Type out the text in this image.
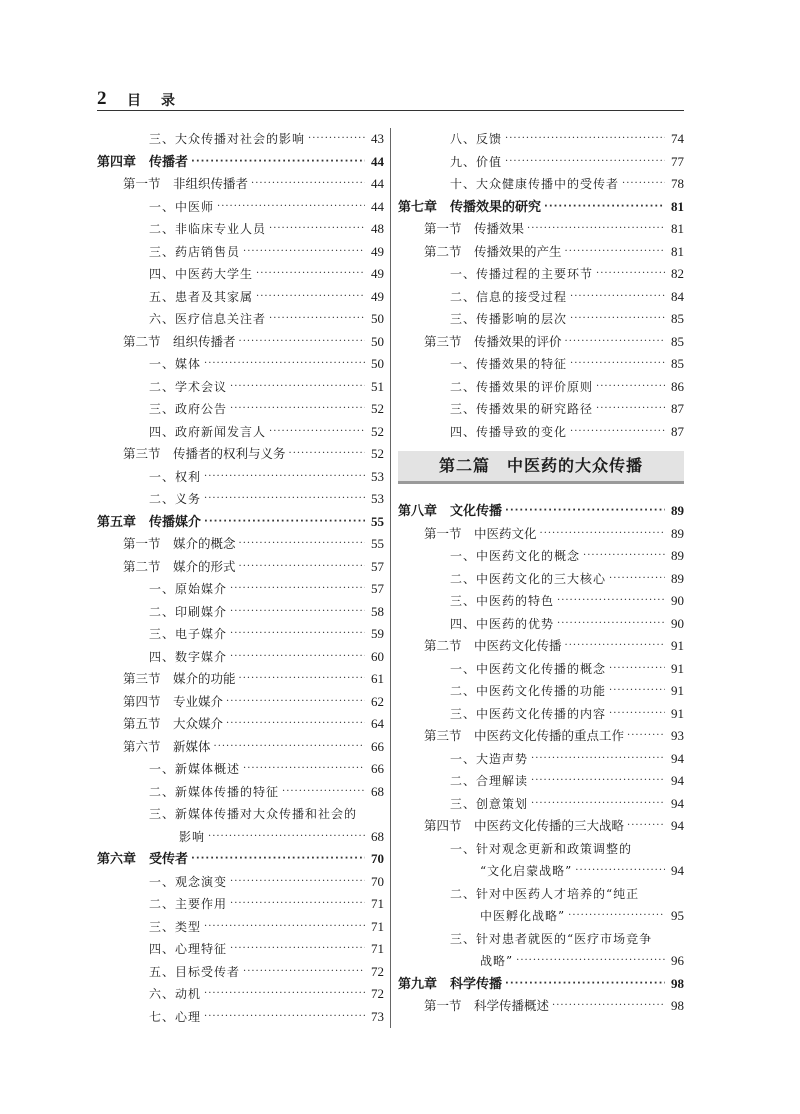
2 目录
三、大众传播对社会的影响 ·····	43
第四章　传播者 ·····	44
第一节　非组织传播者 ·····	44
一、中医师 ·····	44
二、非临床专业人员 ·····	48
三、药店销售员 ·····	49
四、中医药大学生 ·····	49
五、患者及其家属 ·····	49
六、医疗信息关注者 ·····	50
第二节　组织传播者 ·····	50
一、媒体 ·····	50
二、学术会议 ·····	51
三、政府公告 ·····	52
四、政府新闻发言人 ·····	52
第三节　传播者的权利与义务 ·····	52
一、权利 ·····	53
二、义务 ·····	53
第五章　传播媒介 ·····	55
第一节　媒介的概念 ·····	55
第二节　媒介的形式 ·····	57
一、原始媒介 ·····	57
二、印刷媒介 ·····	58
三、电子媒介 ·····	59
四、数字媒介 ·····	60
第三节　媒介的功能 ·····	61
第四节　专业媒介 ·····	62
第五节　大众媒介 ·····	64
第六节　新媒体 ·····	66
一、新媒体概述 ·····	66
二、新媒体传播的特征 ·····	68
三、新媒体传播对大众传播和社会的
影响 ·····	68
第六章　受传者 ·····	70
一、观念演变 ·····	70
二、主要作用 ·····	71
三、类型 ·····	71
四、心理特征 ·····	71
五、目标受传者 ·····	72
六、动机 ·····	72
七、心理 ·····	73
八、反馈 ·····	74
九、价值 ·····	77
十、大众健康传播中的受传者 ·····	78
第七章　传播效果的研究 ·····	81
第一节　传播效果 ·····	81
第二节　传播效果的产生 ·····	81
一、传播过程的主要环节 ·····	82
二、信息的接受过程 ·····	84
三、传播影响的层次 ·····	85
第三节　传播效果的评价 ·····	85
一、传播效果的特征 ·····	85
二、传播效果的评价原则 ·····	86
三、传播效果的研究路径 ·····	87
四、传播导致的变化 ·····	87
第二篇　中医药的大众传播
第八章　文化传播 ·····	89
第一节　中医药文化 ·····	89
一、中医药文化的概念 ·····	89
二、中医药文化的三大核心 ·····	89
三、中医药的特色 ·····	90
四、中医药的优势 ·····	90
第二节　中医药文化传播 ·····	91
一、中医药文化传播的概念 ·····	91
二、中医药文化传播的功能 ·····	91
三、中医药文化传播的内容 ·····	91
第三节　中医药文化传播的重点工作 ·····	93
一、大造声势 ·····	94
二、合理解读 ·····	94
三、创意策划 ·····	94
第四节　中医药文化传播的三大战略 ·····	94
一、针对观念更新和政策调整的
“文化启蒙战略” ·····	94
二、针对中医药人才培养的“纯正
中医孵化战略” ·····	95
三、针对患者就医的“医疗市场竞争
战略” ·····	96
第九章　科学传播 ·····	98
第一节　科学传播概述 ·····	98
